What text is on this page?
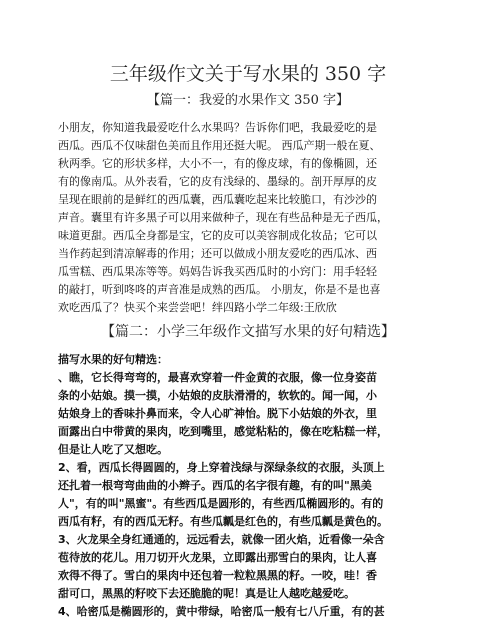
三年级作文关于写水果的 350 字
【篇一：我爱的水果作文 350 字】
小朋友，你知道我最爱吃什么水果吗？告诉你们吧，我最爱吃的是
西瓜。西瓜不仅味甜色美而且作用还挺大呢。 西瓜产期一般在夏、
秋两季。它的形状多样，大小不一，有的像皮球，有的像椭圆，还
有的像南瓜。从外表看，它的皮有浅绿的、墨绿的。剖开厚厚的皮
呈现在眼前的是鲜红的西瓜囊，西瓜囊吃起来比较脆口，有沙沙的
声音。囊里有许多黑子可以用来做种子，现在有些品种是无子西瓜，
味道更甜。西瓜全身都是宝，它的皮可以美容制成化妆品；它可以
当作药起到清凉解毒的作用；还可以做成小朋友爱吃的西瓜冰、西
瓜雪糕、西瓜果冻等等。妈妈告诉我买西瓜时的小窍门：用手轻轻
的敲打，听到咚咚的声音准是成熟的西瓜。 小朋友，你是不是也喜
欢吃西瓜了？快买个来尝尝吧！绊四路小学二年级:王欣欣
【篇二：小学三年级作文描写水果的好句精选】
描写水果的好句精选：
、瞧，它长得弯弯的，最喜欢穿着一件金黄的衣服，像一位身姿苗
条的小姑娘。摸一摸，小姑娘的皮肤滑滑的，软软的。闻一闻，小
姑娘身上的香味扑鼻而来，令人心旷神怡。脱下小姑娘的外衣，里
面露出白中带黄的果肉，吃到嘴里，感觉粘粘的，像在吃粘糕一样，
但是让人吃了又想吃。
2、看，西瓜长得圆圆的，身上穿着浅绿与深绿条纹的衣服，头顶上
还扎着一根弯弯曲曲的小辫子。西瓜的名字很有趣，有的叫"黑美
人"，有的叫"黑蜜"。有些西瓜是圆形的，有些西瓜椭圆形的。有的
西瓜有籽，有的西瓜无籽。有些瓜瓤是红色的，有些瓜瓤是黄色的。
3、火龙果全身红通通的，远远看去，就像一团火焰，近看像一朵含
苞待放的花儿。用刀切开火龙果，立即露出那雪白的果肉，让人喜
欢得不得了。雪白的果肉中还包着一粒粒黑黑的籽。一咬，哇！香
甜可口，黑黑的籽咬下去还脆脆的呢！真是让人越吃越爱吃。
4、哈密瓜是椭圆形的，黄中带绿，哈密瓜一般有七八斤重，有的甚
